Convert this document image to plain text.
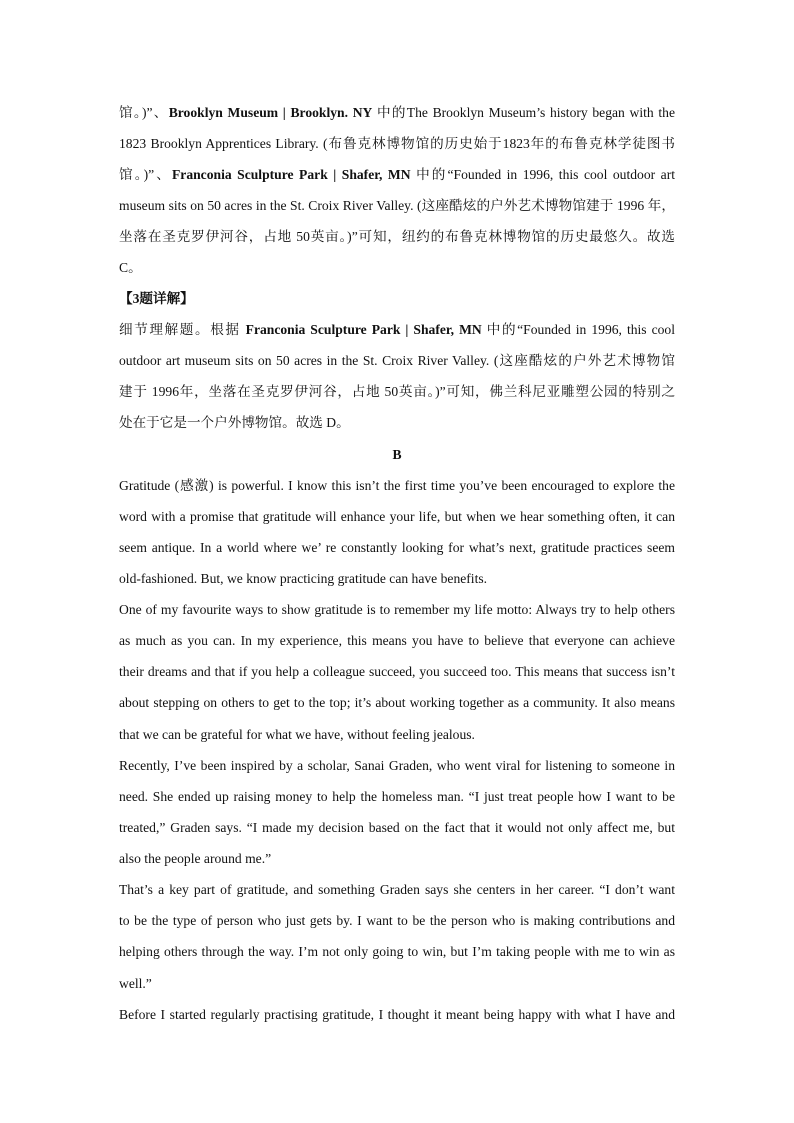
馆。)”、Brooklyn Museum | Brooklyn. NY 中的The Brooklyn Museum’s history began with the
1823 Brooklyn Apprentices Library. (布鲁克林博物馆的历史始于1823年的布鲁克林学徒图书
馆。)”、Franconia Sculpture Park | Shafer, MN 中的“Founded in 1996, this cool outdoor art
museum sits on 50 acres in the St. Croix River Valley. (这座酷炫的户外艺术博物馆建于 1996 年，
坐落在圣克罗伊河谷，占地 50英亩。)”可知，纽约的布鲁克林博物馆的历史最悠久。故选
C。
【3题详解】
细节理解题。根据 Franconia Sculpture Park | Shafer, MN 中的“Founded in 1996, this cool
outdoor art museum sits on 50 acres in the St. Croix River Valley. (这座酷炫的户外艺术博物馆
建于 1996年，坐落在圣克罗伊河谷，占地 50英亩。)”可知，佛兰科尼亚雕塑公园的特别之
处在于它是一个户外博物馆。故选 D。
B
Gratitude (感激) is powerful. I know this isn’t the first time you’ve been encouraged to explore the
word with a promise that gratitude will enhance your life, but when we hear something often, it can
seem antique. In a world where we’ re constantly looking for what’s next, gratitude practices seem
old-fashioned. But, we know practicing gratitude can have benefits.
One of my favourite ways to show gratitude is to remember my life motto: Always try to help others
as much as you can. In my experience, this means you have to believe that everyone can achieve
their dreams and that if you help a colleague succeed, you succeed too. This means that success isn’t
about stepping on others to get to the top; it’s about working together as a community. It also means
that we can be grateful for what we have, without feeling jealous.
Recently, I’ve been inspired by a scholar, Sanai Graden, who went viral for listening to someone in
need. She ended up raising money to help the homeless man. “I just treat people how I want to be
treated,” Graden says. “I made my decision based on the fact that it would not only affect me, but
also the people around me.”
That’s a key part of gratitude, and something Graden says she centers in her career. “I don’t want
to be the type of person who just gets by. I want to be the person who is making contributions and
helping others through the way. I’m not only going to win, but I’m taking people with me to win as
well.”
Before I started regularly practising gratitude, I thought it meant being happy with what I have and
